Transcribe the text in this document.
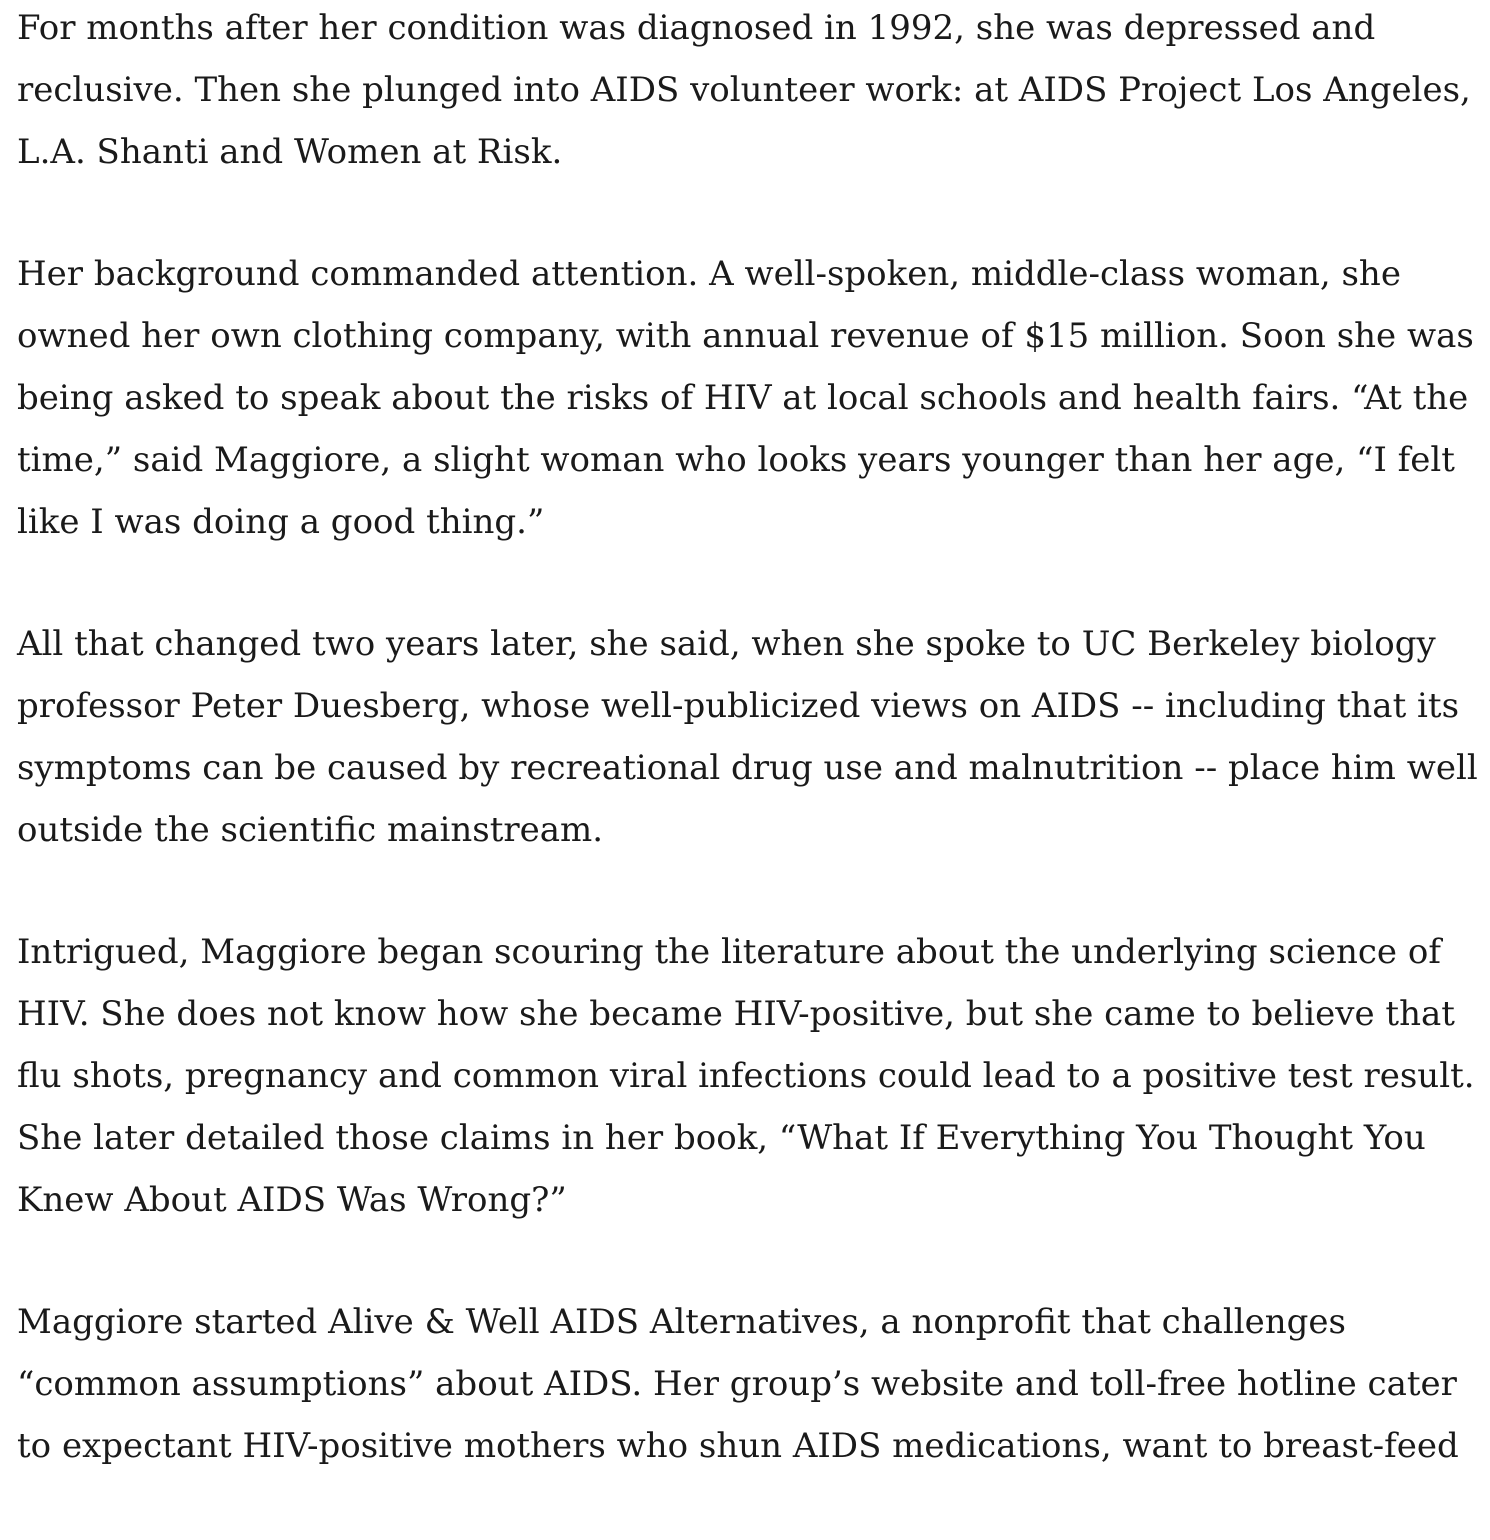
For months after her condition was diagnosed in 1992, she was depressed and
reclusive. Then she plunged into AIDS volunteer work: at AIDS Project Los Angeles,
L.A. Shanti and Women at Risk.
Her background commanded attention. A well-spoken, middle-class woman, she
owned her own clothing company, with annual revenue of $15 million. Soon she was
being asked to speak about the risks of HIV at local schools and health fairs. “At the
time,” said Maggiore, a slight woman who looks years younger than her age, “I felt
like I was doing a good thing.”
All that changed two years later, she said, when she spoke to UC Berkeley biology
professor Peter Duesberg, whose well-publicized views on AIDS -- including that its
symptoms can be caused by recreational drug use and malnutrition -- place him well
outside the scientific mainstream.
Intrigued, Maggiore began scouring the literature about the underlying science of
HIV. She does not know how she became HIV-positive, but she came to believe that
flu shots, pregnancy and common viral infections could lead to a positive test result.
She later detailed those claims in her book, “What If Everything You Thought You
Knew About AIDS Was Wrong?”
Maggiore started Alive & Well AIDS Alternatives, a nonprofit that challenges
“common assumptions” about AIDS. Her group’s website and toll-free hotline cater
to expectant HIV-positive mothers who shun AIDS medications, want to breast-feed
